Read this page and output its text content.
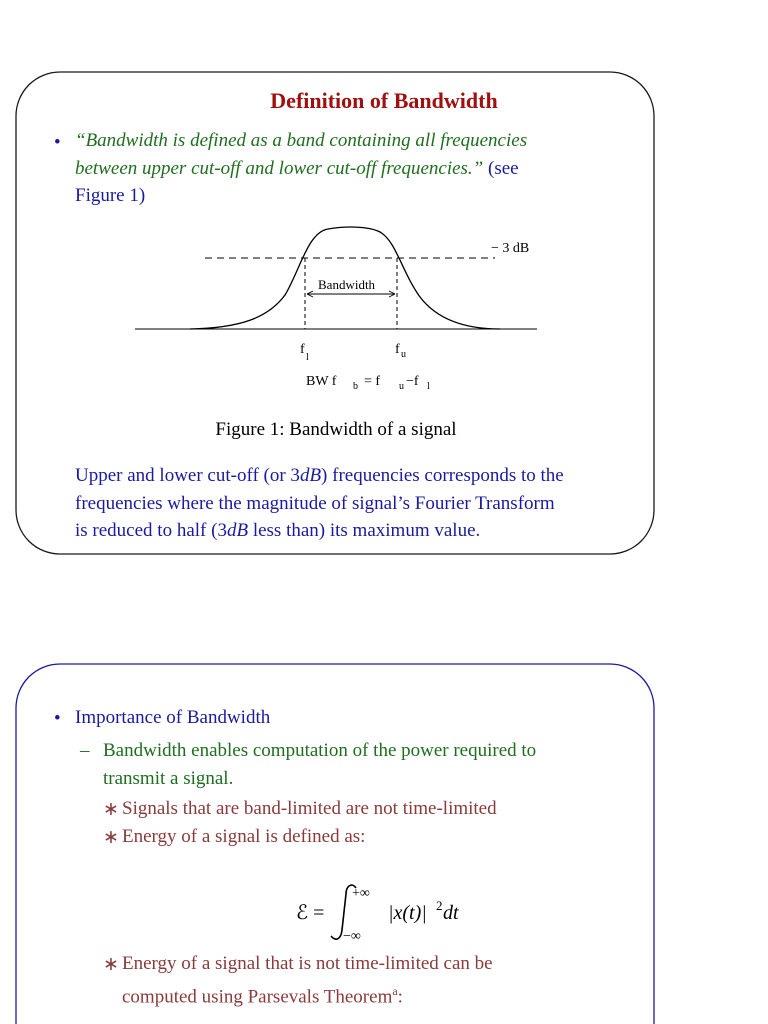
Definition of Bandwidth
• “Bandwidth is defined as a band containing all frequencies
between upper cut-off and lower cut-off frequencies.” (see
Figure 1)
− 3 dB
Bandwidth
f
l
f u
BW f b = f u −f l
Figure 1: Bandwidth of a signal
Upper and lower cut-off (or 3dB) frequencies corresponds to the
frequencies where the magnitude of signal’s Fourier Transform
is reduced to half (3dB less than) its maximum value.
• Importance of Bandwidth
– Bandwidth enables computation of the power required to
transmit a signal.
∗ Signals that are band-limited are not time-limited
∗ Energy of a signal is defined as:
ℰ =
+∞
−∞
|x(t)| 2 dt
∗ Energy of a signal that is not time-limited can be
computed using Parsevals Theorem$^a$:
